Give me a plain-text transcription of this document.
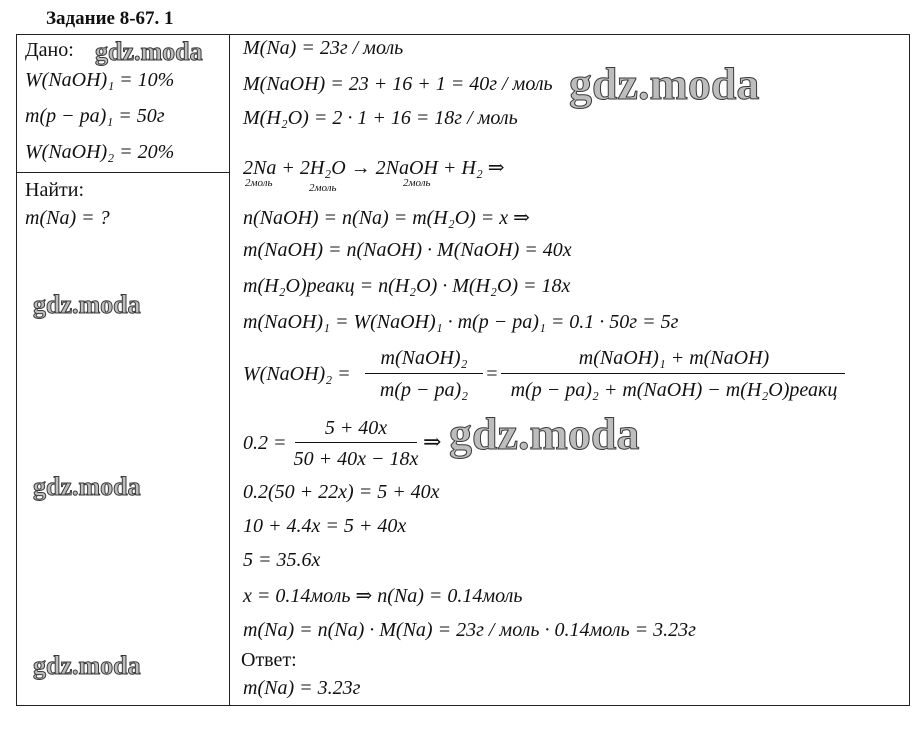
Задание 8-67. 1
Дано:
W(NaOH)₁ = 10%
m(p − pa)₁ = 50г
W(NaOH)₂ = 20%
Найти:
m(Na) = ?
M(Na) = 23г / моль
M(NaOH) = 23 + 16 + 1 = 40г / моль
M(H₂O) = 2 · 1 + 16 = 18г / моль
2Na + 2H₂O → 2NaOH + H₂ ⇒
2моль	2моль	2моль
n(NaOH) = n(Na) = m(H₂O) = x ⇒
m(NaOH) = n(NaOH) · M(NaOH) = 40x
m(H₂O)реакц = n(H₂O) · M(H₂O) = 18x
m(NaOH)₁ = W(NaOH)₁ · m(p − pa)₁ = 0.1 · 50г = 5г
W(NaOH)₂ =
m(NaOH)₂
m(p − pa)₂
=
m(NaOH)₁ + m(NaOH)
m(p − pa)₂ + m(NaOH) − m(H₂O)реакц
0.2 =
5 + 40x
50 + 40x − 18x
⇒
0.2(50 + 22x) = 5 + 40x
10 + 4.4x = 5 + 40x
5 = 35.6x
x = 0.14моль ⇒ n(Na) = 0.14моль
m(Na) = n(Na) · M(Na) = 23г / моль · 0.14моль = 3.23г
Ответ:
m(Na) = 3.23г
gdz.moda
gdz.moda
gdz.moda
gdz.moda
gdz.moda
gdz.moda
